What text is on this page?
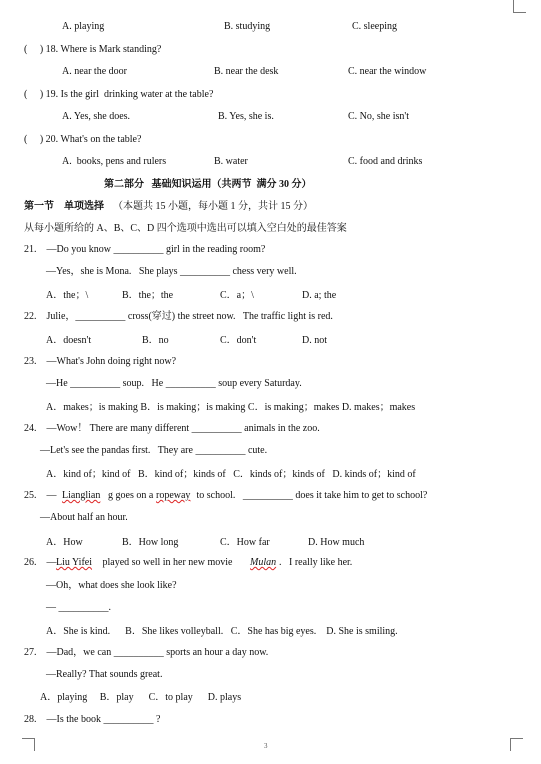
A. playing	B. studying	C. sleeping
(     ) 18. Where is Mark standing?
A. near the door	B. near the desk	C. near the window
(     ) 19. Is the girl  drinking water at the table?
A. Yes, she does.	B. Yes, she is.	C. No, she isn't
(     ) 20. What's on the table?
A.  books, pens and rulers	B. water	C. food and drinks
第二部分   基础知识运用（共两节  满分 30 分）
第一节    单项选择 （本题共 15 小题，每小题 1 分，共计 15 分）
从每小题所给的 A、B、C、D 四个选项中选出可以填入空白处的最佳答案
21.    —Do you know __________ girl in the reading room?
—Yes，she is Mona.   She plays __________ chess very well.
A．the；\	B．the；the	C．a；\	D. a; the
22.    Julie，__________ cross(穿过) the street now.   The traffic light is red.
A．doesn't	B．no	C．don't	D. not
23.    —What's John doing right now?
—He __________ soup.   He __________ soup every Saturday.
A．makes；is making B．is making；is making C．is making；makes D. makes；makes
24.    —Wow！ There are many different __________ animals in the zoo.
—Let's see the pandas first.   They are __________ cute.
A．kind of；kind of   B．kind of；kinds of   C．kinds of；kinds of   D. kinds of；kind of
25.    — Lianglian g goes on a ropeway to school.   __________ does it take him to get to school?
—About half an hour.
A．How	B．How long	C．How far	D. How much
26.    — Liu Yifei played so well in her new movie Mulan .   I really like her.
—Oh，what does she look like?
— __________.
A．She is kind.      B．She likes volleyball.   C．She has big eyes.    D. She is smiling.
27.    —Dad，we can __________ sports an hour a day now.
—Really? That sounds great.
A．playing     B．play      C．to play      D. plays
28.    —Is the book __________ ?
3
